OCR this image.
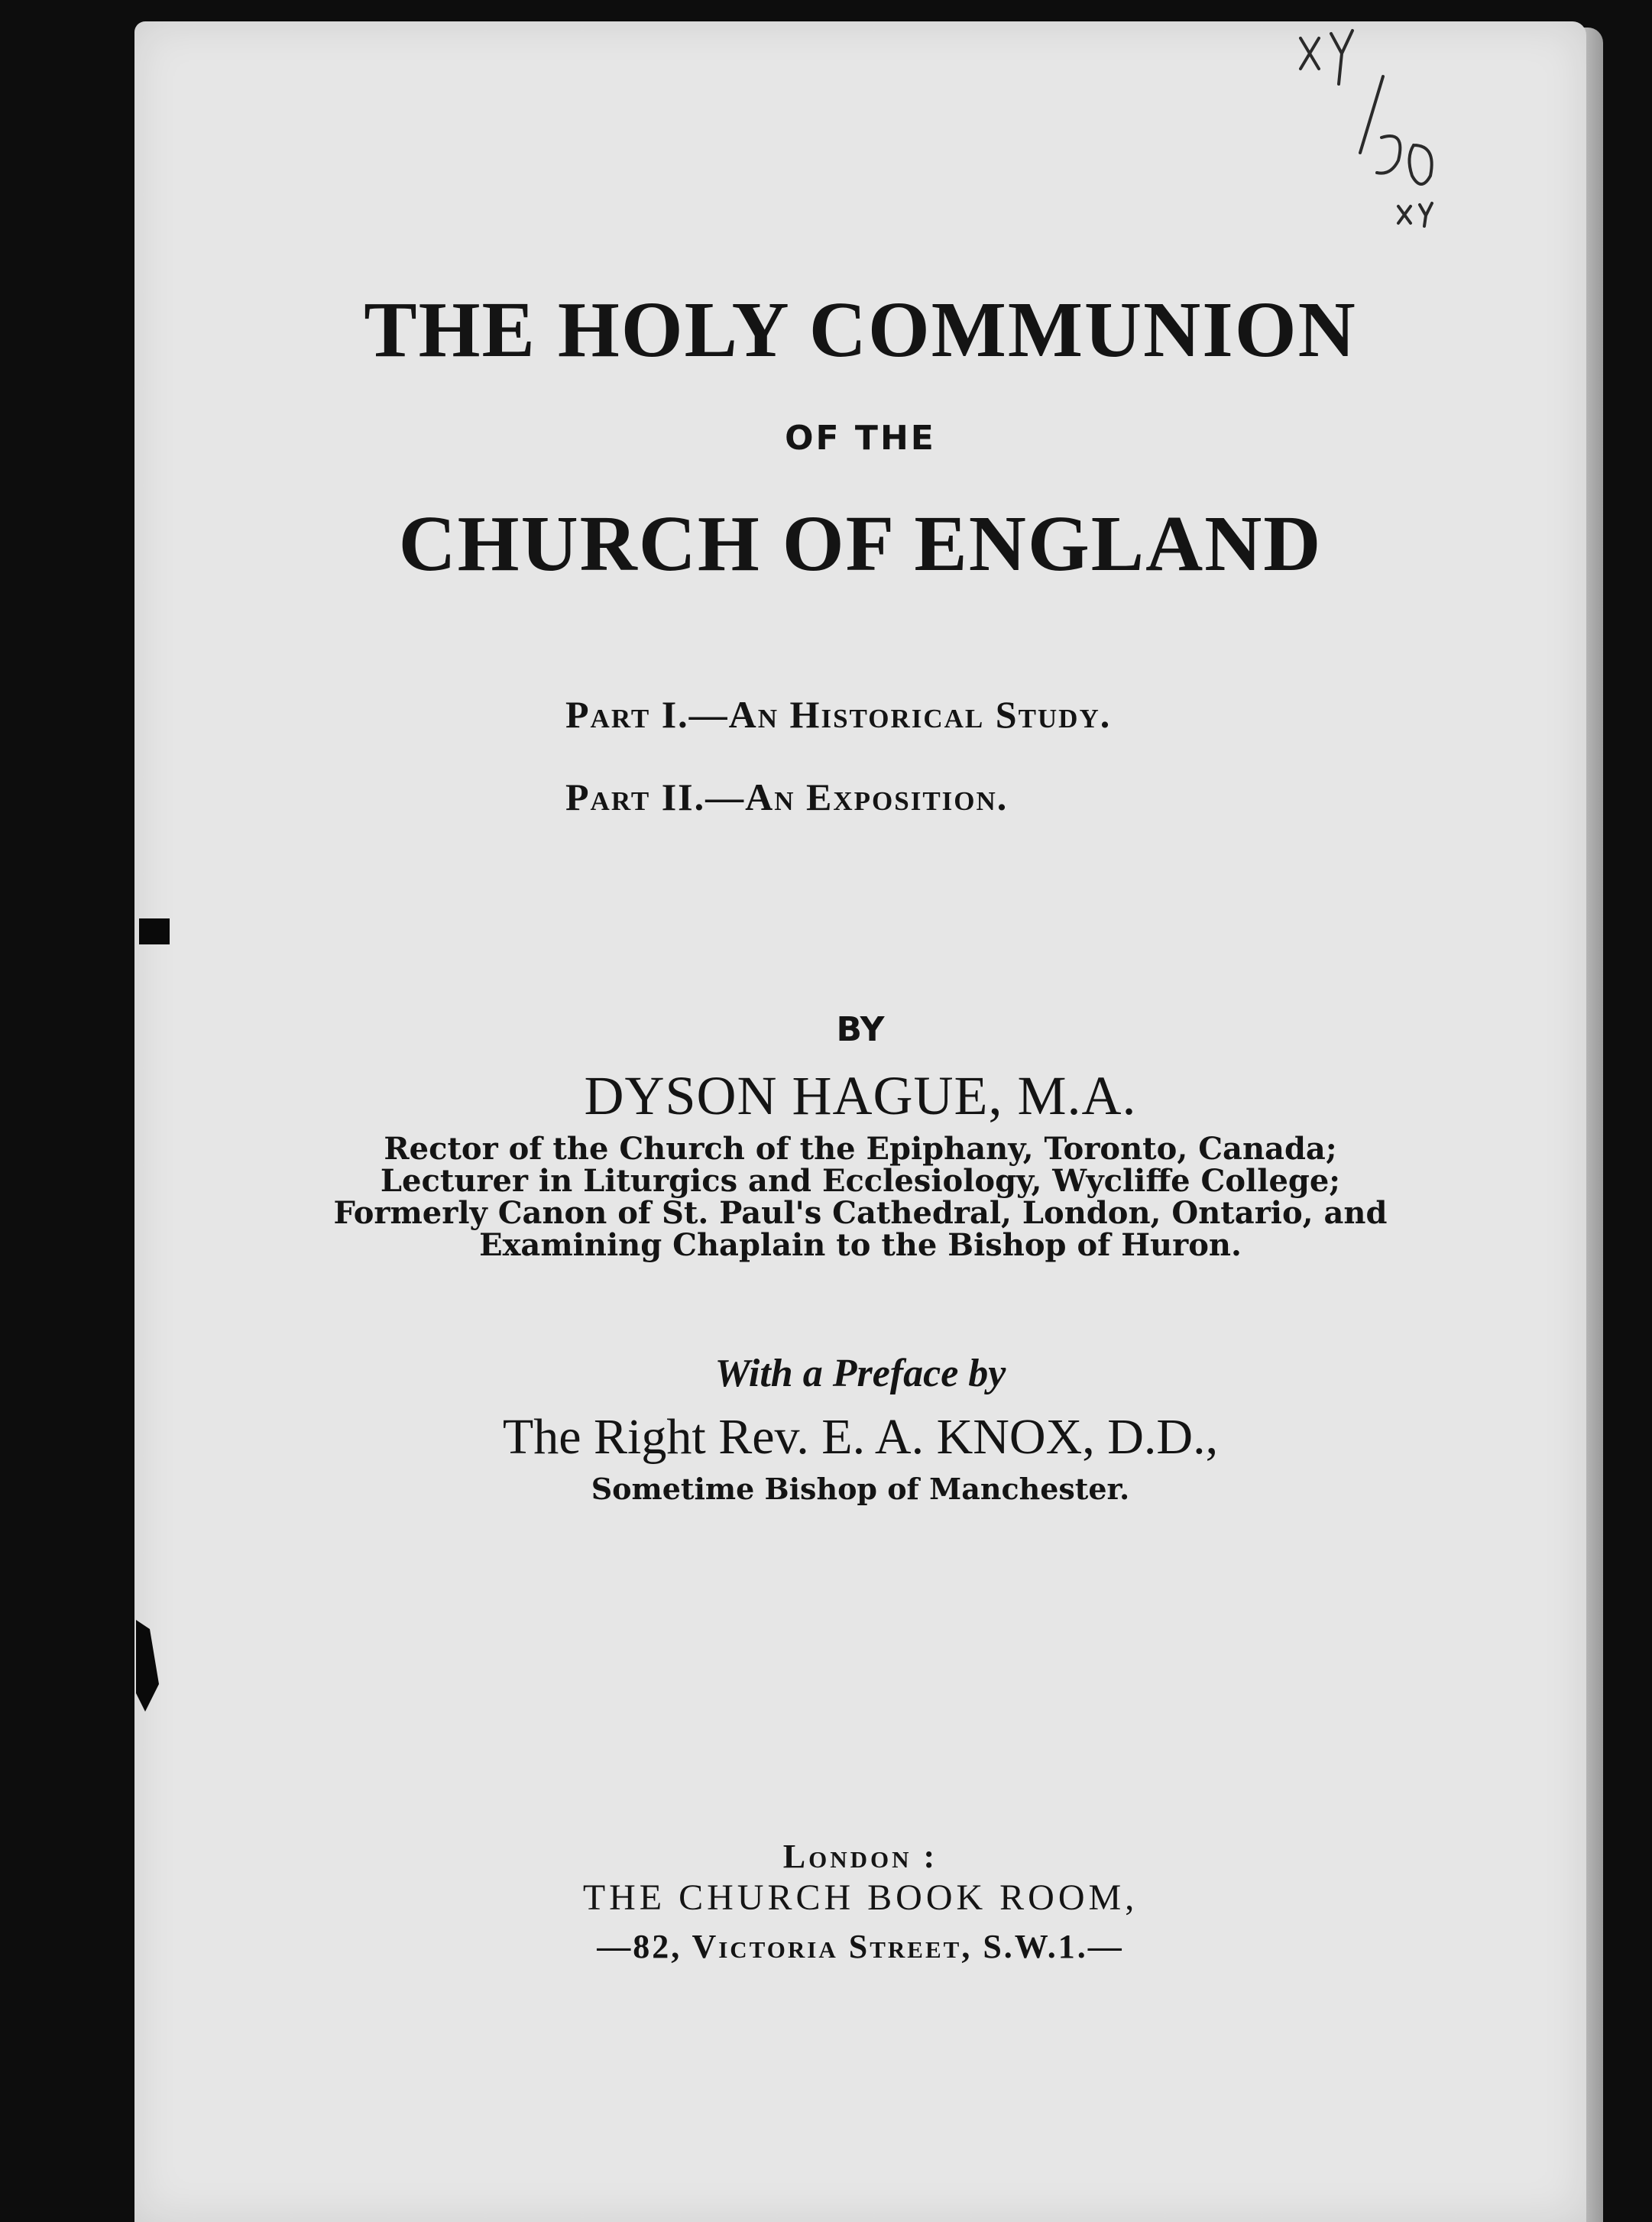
THE HOLY COMMUNION

OF THE

CHURCH OF ENGLAND

Part I.—An Historical Study.

Part II.—An Exposition.

BY

DYSON HAGUE, M.A.

Rector of the Church of the Epiphany, Toronto, Canada;

Lecturer in Liturgics and Ecclesiology, Wycliffe College;

Formerly Canon of St. Paul's Cathedral, London, Ontario, and

Examining Chaplain to the Bishop of Huron.

With a Preface by

The Right Rev. E. A. KNOX, D.D.,

Sometime Bishop of Manchester.

London :

THE CHURCH BOOK ROOM,

—82, Victoria Street, S.W.1.—
